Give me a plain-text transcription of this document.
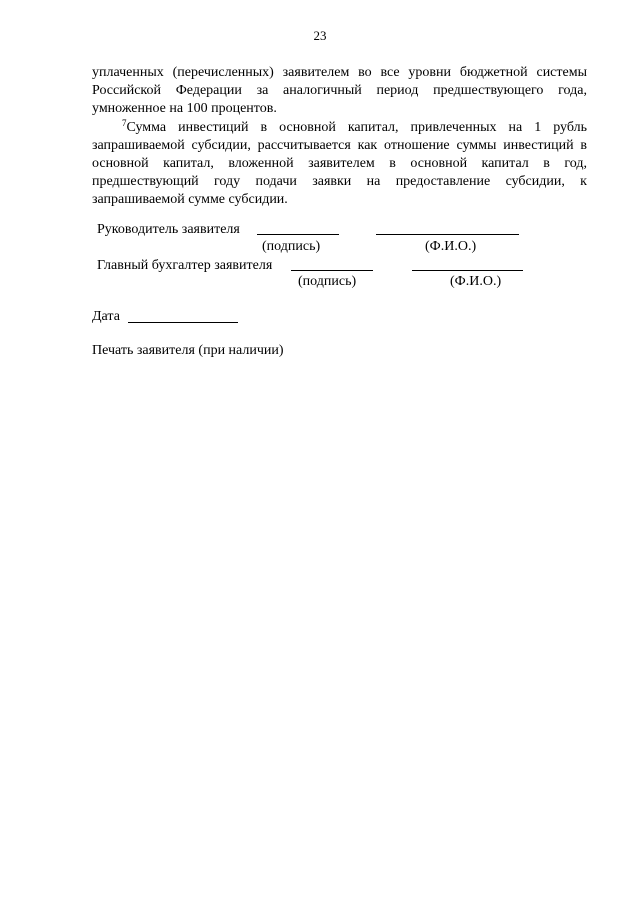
23

уплаченных (перечисленных) заявителем во все уровни бюджетной системы Российской Федерации за аналогичный период предшествующего года, умноженное на 100 процентов.

$^7$Сумма инвестиций в основной капитал, привлеченных на 1 рубль запрашиваемой субсидии, рассчитывается как отношение суммы инвестиций в основной капитал, вложенной заявителем в основной капитал в год, предшествующий году подачи заявки на предоставление субсидии, к запрашиваемой сумме субсидии.

Руководитель заявителя
(подпись)	(Ф.И.О.)
Главный бухгалтер заявителя
(подпись)	(Ф.И.О.)
Дата
Печать заявителя (при наличии)
